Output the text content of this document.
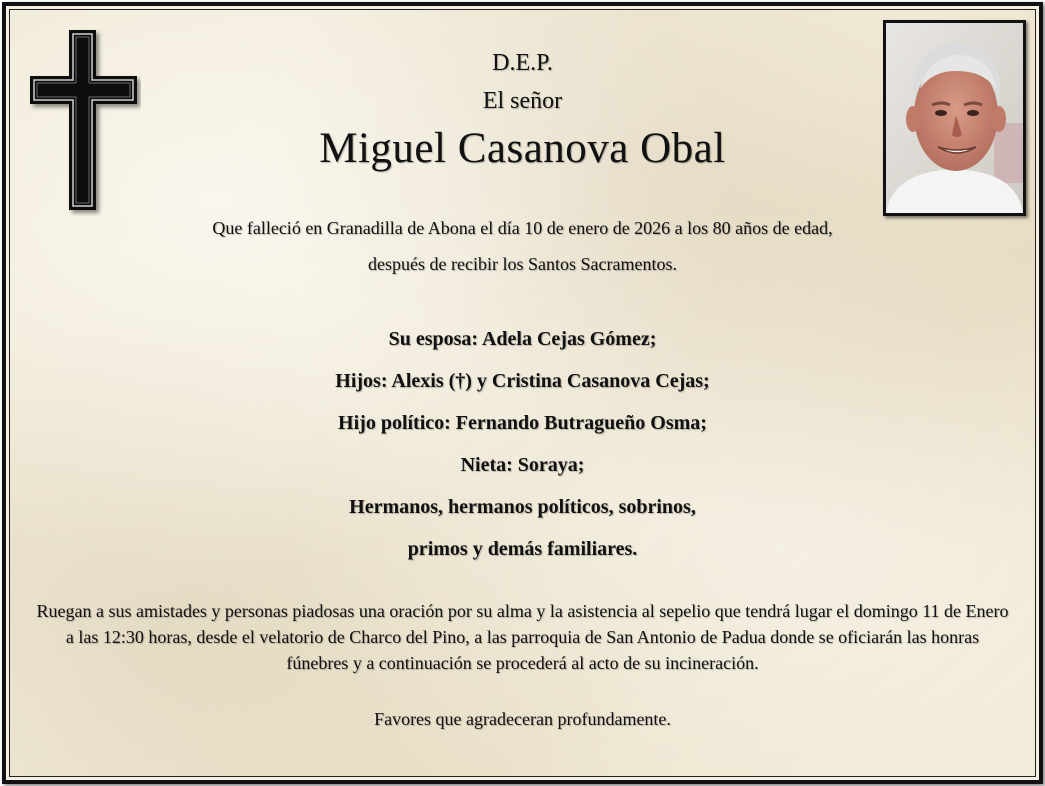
D.E.P.
El señor
Miguel Casanova Obal
Que falleció en Granadilla de Abona el día 10 de enero de 2026 a los 80 años de edad,
después de recibir los Santos Sacramentos.
Su esposa: Adela Cejas Gómez;
Hijos: Alexis (†) y Cristina Casanova Cejas;
Hijo político: Fernando Butragueño Osma;
Nieta: Soraya;
Hermanos, hermanos políticos, sobrinos,
primos y demás familiares.
Ruegan a sus amistades y personas piadosas una oración por su alma y la asistencia al sepelio que tendrá lugar el domingo 11 de Enero a las 12:30 horas, desde el velatorio de Charco del Pino, a las parroquia de San Antonio de Padua donde se oficiarán las honras fúnebres y a continuación se procederá al acto de su incineración.
Favores que agradeceran profundamente.
